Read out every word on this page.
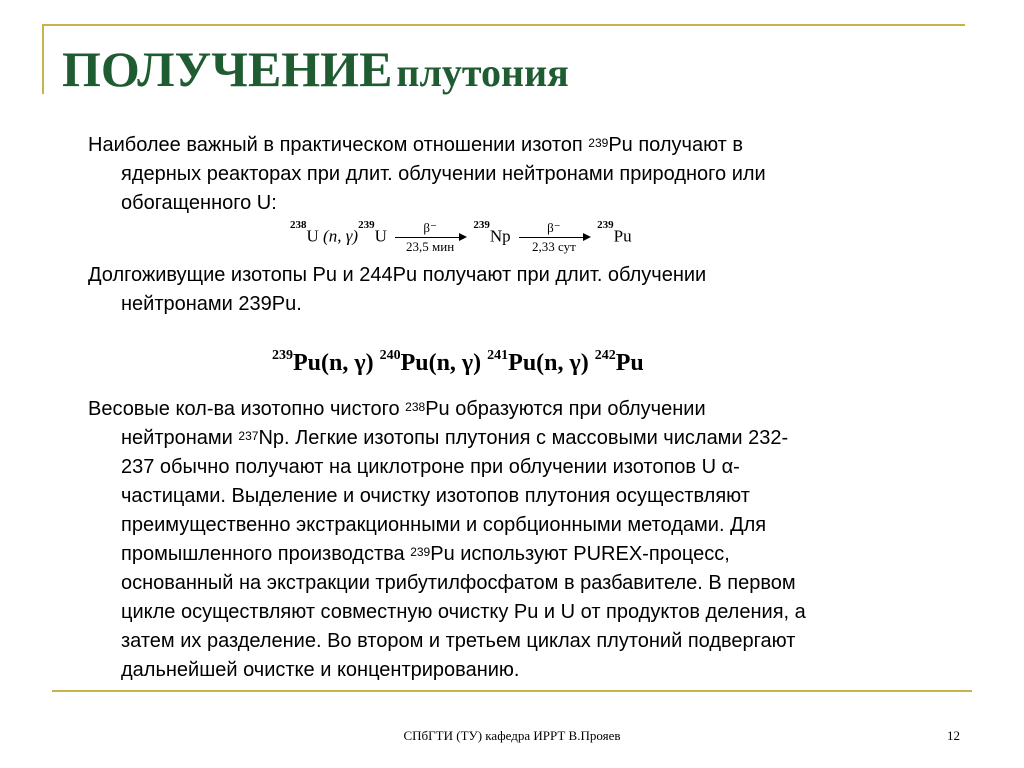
ПОЛУЧЕНИЕ плутония
Наиболее важный в практическом отношении изотоп $^{239}$Pu получают в
ядерных реакторах при длит. облучении нейтронами природного или
обогащенного U:
$^{238}$U (n, γ)$^{239}$U	β⁻
23,5 мин
$^{239}$Np	β⁻
2,33 сут
$^{239}$Pu
Долгоживущие изотопы Pu и 244Pu получают при длит. облучении
нейтронами 239Pu.
$^{239}$Pu(n, γ) $^{240}$Pu(n, γ) $^{241}$Pu(n, γ) $^{242}$Pu
Весовые кол-ва изотопно чистого $^{238}$Pu образуются при облучении
нейтронами $^{237}$Np. Легкие изотопы плутония с массовыми числами 232-
237 обычно получают на циклотроне при облучении изотопов U α-
частицами. Выделение и очистку изотопов плутония осуществляют
преимущественно экстракционными и сорбционными методами. Для
промышленного производства $^{239}$Pu используют PUREX-процесс,
основанный на экстракции трибутилфосфатом в разбавителе. В первом
цикле осуществляют совместную очистку Pu и U от продуктов деления, а
затем их разделение. Во втором и третьем циклах плутоний подвергают
дальнейшей очистке и концентрированию.
СПбГТИ (ТУ) кафедра ИРРТ В.Прояев	12
